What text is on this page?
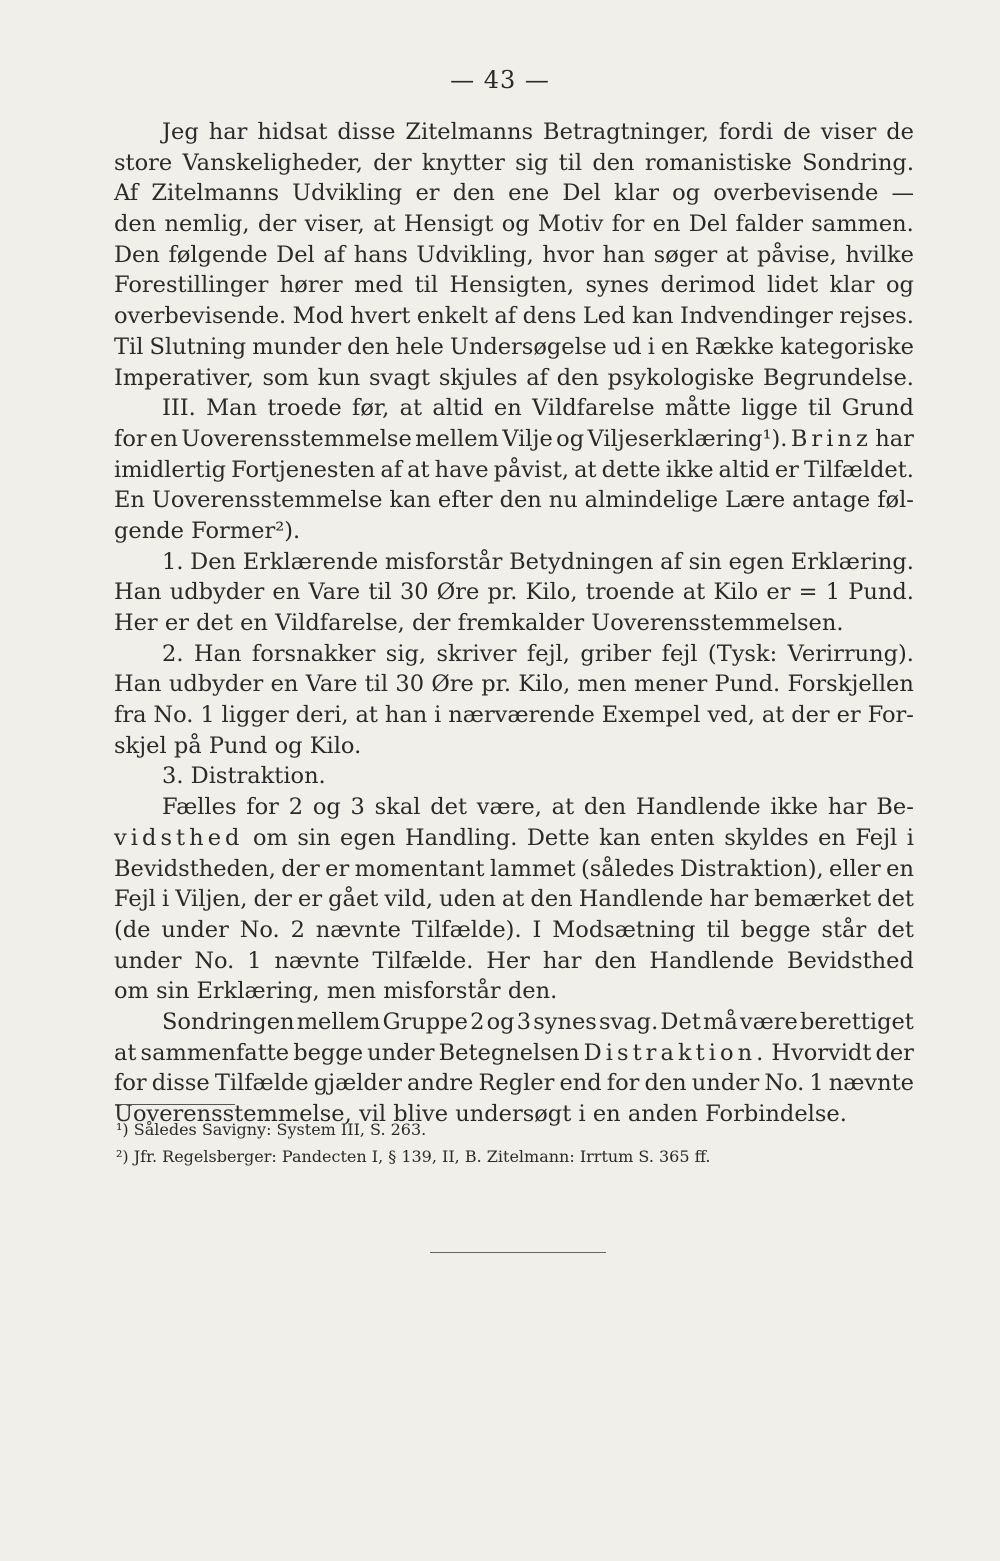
— 43 —
Jeg har hidsat disse Zitelmanns Betragtninger, fordi de viser de
store Vanskeligheder, der knytter sig til den romanistiske Sondring.
Af Zitelmanns Udvikling er den ene Del klar og overbevisende —
den nemlig, der viser, at Hensigt og Motiv for en Del falder sammen.
Den følgende Del af hans Udvikling, hvor han søger at påvise, hvilke
Forestillinger hører med til Hensigten, synes derimod lidet klar og
overbevisende. Mod hvert enkelt af dens Led kan Indvendinger rejses.
Til Slutning munder den hele Undersøgelse ud i en Række kategoriske
Imperativer, som kun svagt skjules af den psykologiske Begrundelse.
III. Man troede før, at altid en Vildfarelse måtte ligge til Grund
for en Uoverensstemmelse mellem Vilje og Viljeserklæring¹). Brinz har
imidlertig Fortjenesten af at have påvist, at dette ikke altid er Tilfældet.
En Uoverensstemmelse kan efter den nu almindelige Lære antage føl-
gende Former²).
1. Den Erklærende misforstår Betydningen af sin egen Erklæring.
Han udbyder en Vare til 30 Øre pr. Kilo, troende at Kilo er = 1 Pund.
Her er det en Vildfarelse, der fremkalder Uoverensstemmelsen.
2. Han forsnakker sig, skriver fejl, griber fejl (Tysk: Verirrung).
Han udbyder en Vare til 30 Øre pr. Kilo, men mener Pund. Forskjellen
fra No. 1 ligger deri, at han i nærværende Exempel ved, at der er For-
skjel på Pund og Kilo.
3. Distraktion.
Fælles for 2 og 3 skal det være, at den Handlende ikke har Be-
vidsthed om sin egen Handling. Dette kan enten skyldes en Fejl i
Bevidstheden, der er momentant lammet (således Distraktion), eller en
Fejl i Viljen, der er gået vild, uden at den Handlende har bemærket det
(de under No. 2 nævnte Tilfælde). I Modsætning til begge står det
under No. 1 nævnte Tilfælde. Her har den Handlende Bevidsthed
om sin Erklæring, men misforstår den.
Sondringen mellem Gruppe 2 og 3 synes svag. Det må være berettiget
at sammenfatte begge under Betegnelsen Distraktion. Hvorvidt der
for disse Tilfælde gjælder andre Regler end for den under No. 1 nævnte
Uoverensstemmelse, vil blive undersøgt i en anden Forbindelse.
¹) Således Savigny: System III, S. 263.
²) Jfr. Regelsberger: Pandecten I, § 139, II, B. Zitelmann: Irrtum S. 365 ff.
